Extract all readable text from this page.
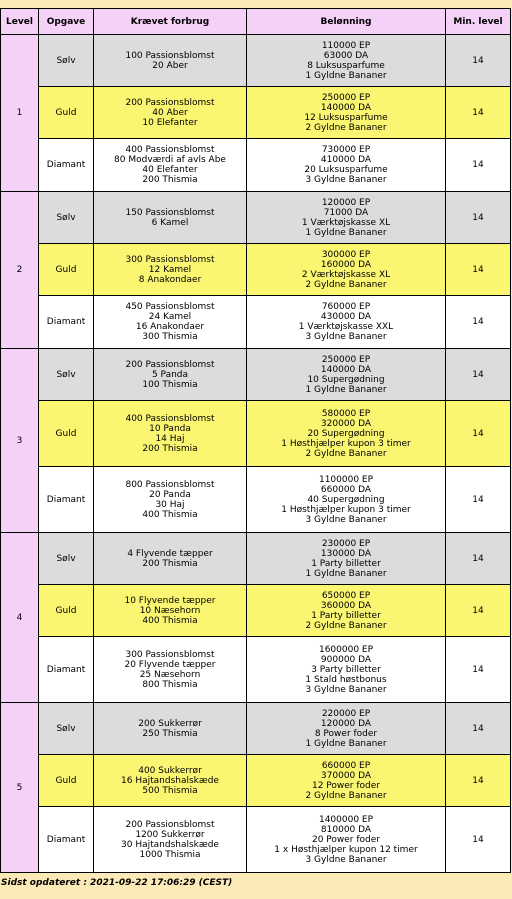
Level	Opgave	Krævet forbrug	Belønning	Min. level
1	Sølv	100 Passionsblomst
20 Aber	110000 EP
63000 DA
8 Luksusparfume
1 Gyldne Bananer	14
	Guld	200 Passionsblomst
40 Aber
10 Elefanter	250000 EP
140000 DA
12 Luksusparfume
2 Gyldne Bananer	14
	Diamant	400 Passionsblomst
80 Modværdi af avls Abe
40 Elefanter
200 Thismia	730000 EP
410000 DA
20 Luksusparfume
3 Gyldne Bananer	14
2	Sølv	150 Passionsblomst
6 Kamel	120000 EP
71000 DA
1 Værktøjskasse XL
1 Gyldne Bananer	14
	Guld	300 Passionsblomst
12 Kamel
8 Anakondaer	300000 EP
160000 DA
2 Værktøjskasse XL
2 Gyldne Bananer	14
	Diamant	450 Passionsblomst
24 Kamel
16 Anakondaer
300 Thismia	760000 EP
430000 DA
1 Værktøjskasse XXL
3 Gyldne Bananer	14
3	Sølv	200 Passionsblomst
5 Panda
100 Thismia	250000 EP
140000 DA
10 Supergødning
1 Gyldne Bananer	14
	Guld	400 Passionsblomst
10 Panda
14 Haj
200 Thismia	580000 EP
320000 DA
20 Supergødning
1 Høsthjælper kupon 3 timer
2 Gyldne Bananer	14
	Diamant	800 Passionsblomst
20 Panda
30 Haj
400 Thismia	1100000 EP
660000 DA
40 Supergødning
1 Høsthjælper kupon 3 timer
3 Gyldne Bananer	14
4	Sølv	4 Flyvende tæpper
200 Thismia	230000 EP
130000 DA
1 Party billetter
1 Gyldne Bananer	14
	Guld	10 Flyvende tæpper
10 Næsehorn
400 Thismia	650000 EP
360000 DA
1 Party billetter
2 Gyldne Bananer	14
	Diamant	300 Passionsblomst
20 Flyvende tæpper
25 Næsehorn
800 Thismia	1600000 EP
900000 DA
3 Party billetter
1 Stald høstbonus
3 Gyldne Bananer	14
5	Sølv	200 Sukkerrør
250 Thismia	220000 EP
120000 DA
8 Power foder
1 Gyldne Bananer	14
	Guld	400 Sukkerrør
16 Hajtandshalskæde
500 Thismia	660000 EP
370000 DA
12 Power foder
2 Gyldne Bananer	14
	Diamant	200 Passionsblomst
1200 Sukkerrør
30 Hajtandshalskæde
1000 Thismia	1400000 EP
810000 DA
20 Power foder
1 x Høsthjælper kupon 12 timer
3 Gyldne Bananer	14
Sidst opdateret : 2021-09-22 17:06:29 (CEST)
